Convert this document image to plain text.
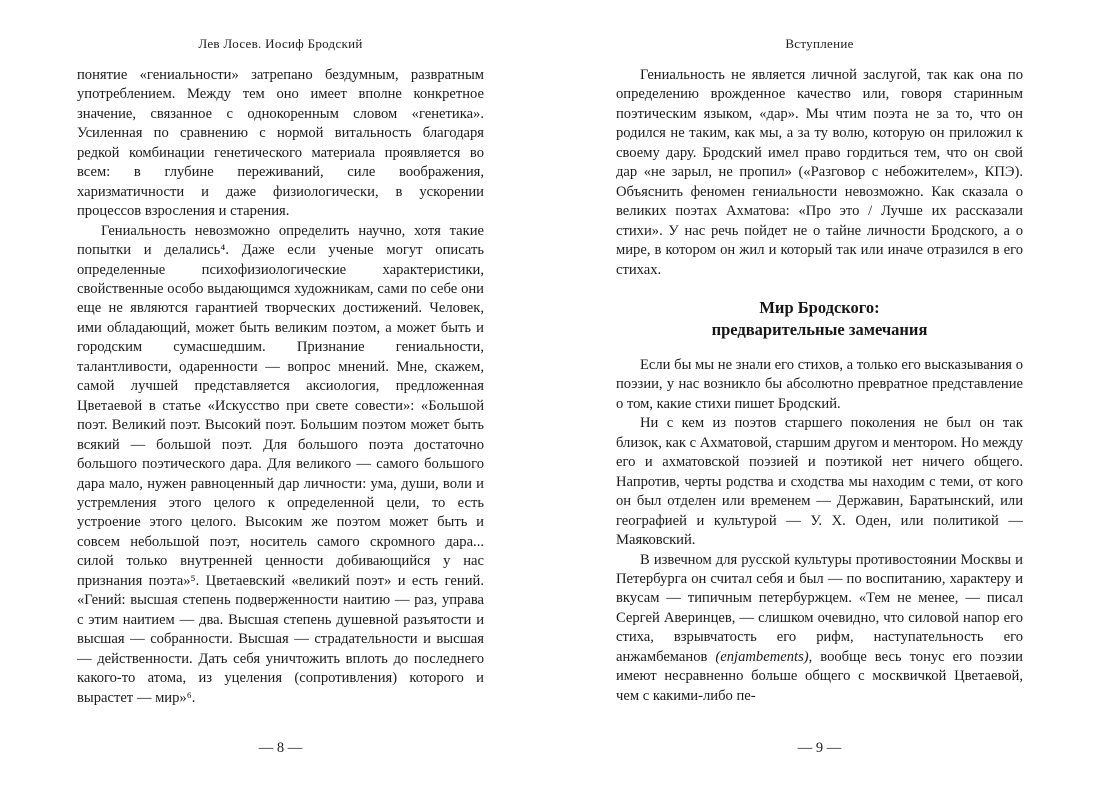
Лев Лосев. Иосиф Бродский

понятие «гениальности» затрепано бездумным, развратным употреблением. Между тем оно имеет вполне конкретное значение, связанное с однокоренным словом «генетика». Усиленная по сравнению с нормой витальность благодаря редкой комбинации генетического материала проявляется во всем: в глубине переживаний, силе воображения, харизматичности и даже физиологически, в ускорении процессов взросления и старения.

Гениальность невозможно определить научно, хотя такие попытки и делались⁴. Даже если ученые могут описать определенные психофизиологические характеристики, свойственные особо выдающимся художникам, сами по себе они еще не являются гарантией творческих достижений. Человек, ими обладающий, может быть великим поэтом, а может быть и городским сумасшедшим. Признание гениальности, талантливости, одаренности — вопрос мнений. Мне, скажем, самой лучшей представляется аксиология, предложенная Цветаевой в статье «Искусство при свете совести»: «Большой поэт. Великий поэт. Высокий поэт. Большим поэтом может быть всякий — большой поэт. Для большого поэта достаточно большого поэтического дара. Для великого — самого большого дара мало, нужен равноценный дар личности: ума, души, воли и устремления этого целого к определенной цели, то есть устроение этого целого. Высоким же поэтом может быть и совсем небольшой поэт, носитель самого скромного дара... силой только внутренней ценности добивающийся у нас признания поэта»⁵. Цветаевский «великий поэт» и есть гений. «Гений: высшая степень подверженности наитию — раз, управа с этим наитием — два. Высшая степень душевной разъятости и высшая — собранности. Высшая — страдательности и высшая — действенности. Дать себя уничтожить вплоть до последнего какого-то атома, из уцеления (сопротивления) которого и вырастет — мир»⁶.

— 8 —
Вступление

Гениальность не является личной заслугой, так как она по определению врожденное качество или, говоря старинным поэтическим языком, «дар». Мы чтим поэта не за то, что он родился не таким, как мы, а за ту волю, которую он приложил к своему дару. Бродский имел право гордиться тем, что он свой дар «не зарыл, не пропил» («Разговор с небожителем», КПЭ). Объяснить феномен гениальности невозможно. Как сказала о великих поэтах Ахматова: «Про это / Лучше их рассказали стихи». У нас речь пойдет не о тайне личности Бродского, а о мире, в котором он жил и который так или иначе отразился в его стихах.

Мир Бродского:
предварительные замечания

Если бы мы не знали его стихов, а только его высказывания о поэзии, у нас возникло бы абсолютно превратное представление о том, какие стихи пишет Бродский.

Ни с кем из поэтов старшего поколения не был он так близок, как с Ахматовой, старшим другом и ментором. Но между его и ахматовской поэзией и поэтикой нет ничего общего. Напротив, черты родства и сходства мы находим с теми, от кого он был отделен или временем — Державин, Баратынский, или географией и культурой — У. Х. Оден, или политикой — Маяковский.

В извечном для русской культуры противостоянии Москвы и Петербурга он считал себя и был — по воспитанию, характеру и вкусам — типичным петербуржцем. «Тем не менее, — писал Сергей Аверинцев, — слишком очевидно, что силовой напор его стиха, взрывчатость его рифм, наступательность его анжамбеманов (enjambements), вообще весь тонус его поэзии имеют несравненно больше общего с москвичкой Цветаевой, чем с какими-либо пе-

— 9 —
